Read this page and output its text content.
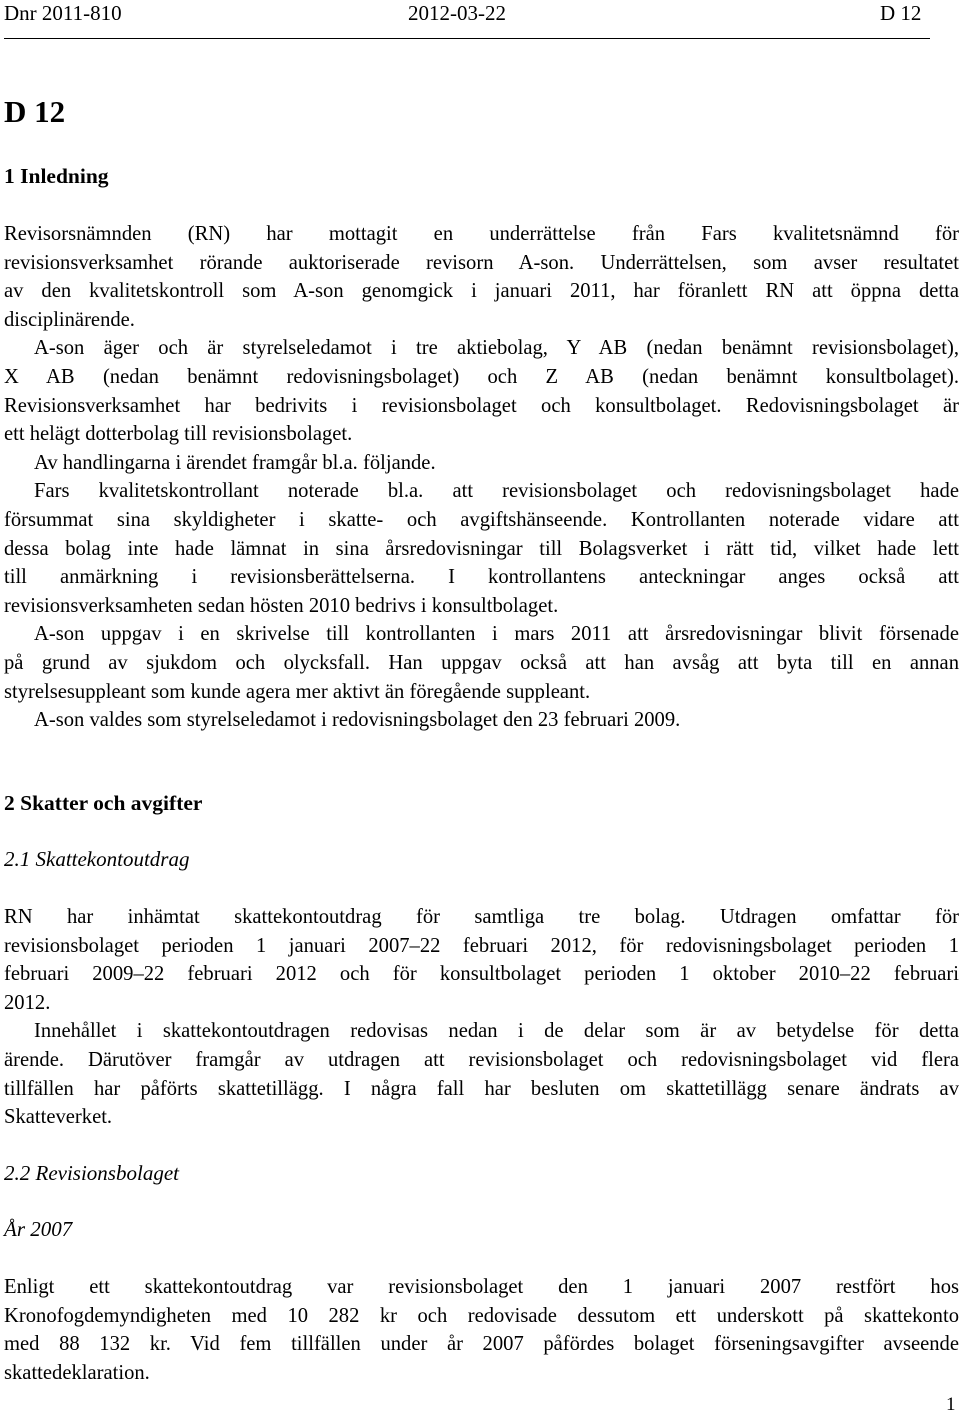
Dnr 2011-810	2012-03-22	D 12
D 12
1 Inledning
Revisorsnämnden (RN) har mottagit en underrättelse från Fars kvalitetsnämnd för
revisionsverksamhet rörande auktoriserade revisorn A-son. Underrättelsen, som avser resultatet
av den kvalitetskontroll som A-son genomgick i januari 2011, har föranlett RN att öppna detta
disciplinärende.
A-son äger och är styrelseledamot i tre aktiebolag, Y AB (nedan benämnt revisionsbolaget),
X AB (nedan benämnt redovisningsbolaget) och Z AB (nedan benämnt konsultbolaget).
Revisionsverksamhet har bedrivits i revisionsbolaget och konsultbolaget. Redovisningsbolaget är
ett helägt dotterbolag till revisionsbolaget.
Av handlingarna i ärendet framgår bl.a. följande.
Fars kvalitetskontrollant noterade bl.a. att revisionsbolaget och redovisningsbolaget hade
försummat sina skyldigheter i skatte- och avgiftshänseende. Kontrollanten noterade vidare att
dessa bolag inte hade lämnat in sina årsredovisningar till Bolagsverket i rätt tid, vilket hade lett
till anmärkning i revisionsberättelserna. I kontrollantens anteckningar anges också att
revisionsverksamheten sedan hösten 2010 bedrivs i konsultbolaget.
A-son uppgav i en skrivelse till kontrollanten i mars 2011 att årsredovisningar blivit försenade
på grund av sjukdom och olycksfall. Han uppgav också att han avsåg att byta till en annan
styrelsesuppleant som kunde agera mer aktivt än föregående suppleant.
A-son valdes som styrelseledamot i redovisningsbolaget den 23 februari 2009.
2 Skatter och avgifter
2.1 Skattekontoutdrag
RN har inhämtat skattekontoutdrag för samtliga tre bolag. Utdragen omfattar för
revisionsbolaget perioden 1 januari 2007–22 februari 2012, för redovisningsbolaget perioden 1
februari 2009–22 februari 2012 och för konsultbolaget perioden 1 oktober 2010–22 februari
2012.
Innehållet i skattekontoutdragen redovisas nedan i de delar som är av betydelse för detta
ärende. Därutöver framgår av utdragen att revisionsbolaget och redovisningsbolaget vid flera
tillfällen har påförts skattetillägg. I några fall har besluten om skattetillägg senare ändrats av
Skatteverket.
2.2 Revisionsbolaget
År 2007
Enligt ett skattekontoutdrag var revisionsbolaget den 1 januari 2007 restfört hos
Kronofogdemyndigheten med 10 282 kr och redovisade dessutom ett underskott på skattekonto
med 88 132 kr. Vid fem tillfällen under år 2007 påfördes bolaget förseningsavgifter avseende
skattedeklaration.
1
